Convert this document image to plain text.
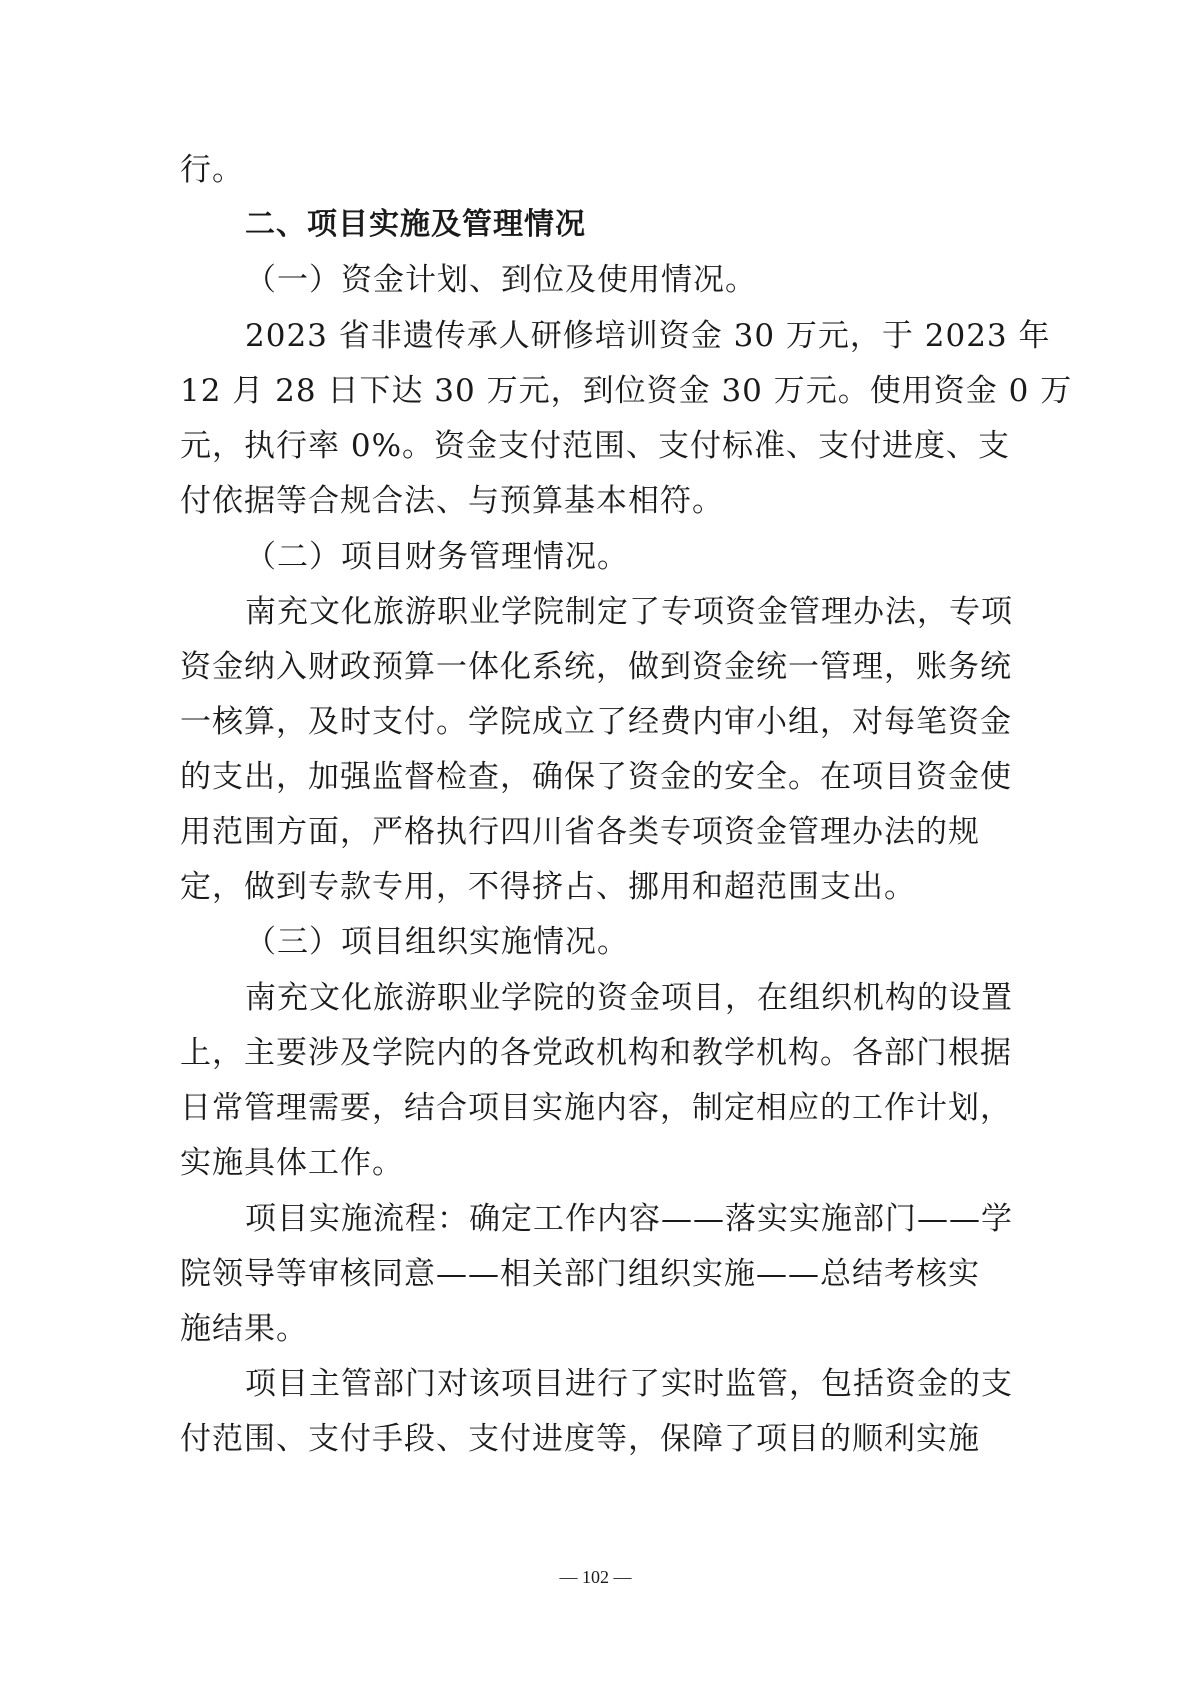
行。
二、项目实施及管理情况
（一）资金计划、到位及使用情况。
2023 省非遗传承人研修培训资金 30 万元，于 2023 年
12 月 28 日下达 30 万元，到位资金 30 万元。使用资金 0 万
元，执行率 0%。资金支付范围、支付标准、支付进度、支
付依据等合规合法、与预算基本相符。
（二）项目财务管理情况。
南充文化旅游职业学院制定了专项资金管理办法，专项
资金纳入财政预算一体化系统，做到资金统一管理，账务统
一核算，及时支付。学院成立了经费内审小组，对每笔资金
的支出，加强监督检查，确保了资金的安全。在项目资金使
用范围方面，严格执行四川省各类专项资金管理办法的规
定，做到专款专用，不得挤占、挪用和超范围支出。
（三）项目组织实施情况。
南充文化旅游职业学院的资金项目，在组织机构的设置
上，主要涉及学院内的各党政机构和教学机构。各部门根据
日常管理需要，结合项目实施内容，制定相应的工作计划，
实施具体工作。
项目实施流程：确定工作内容——落实实施部门——学
院领导等审核同意——相关部门组织实施——总结考核实
施结果。
项目主管部门对该项目进行了实时监管，包括资金的支
付范围、支付手段、支付进度等，保障了项目的顺利实施
— 102 —
